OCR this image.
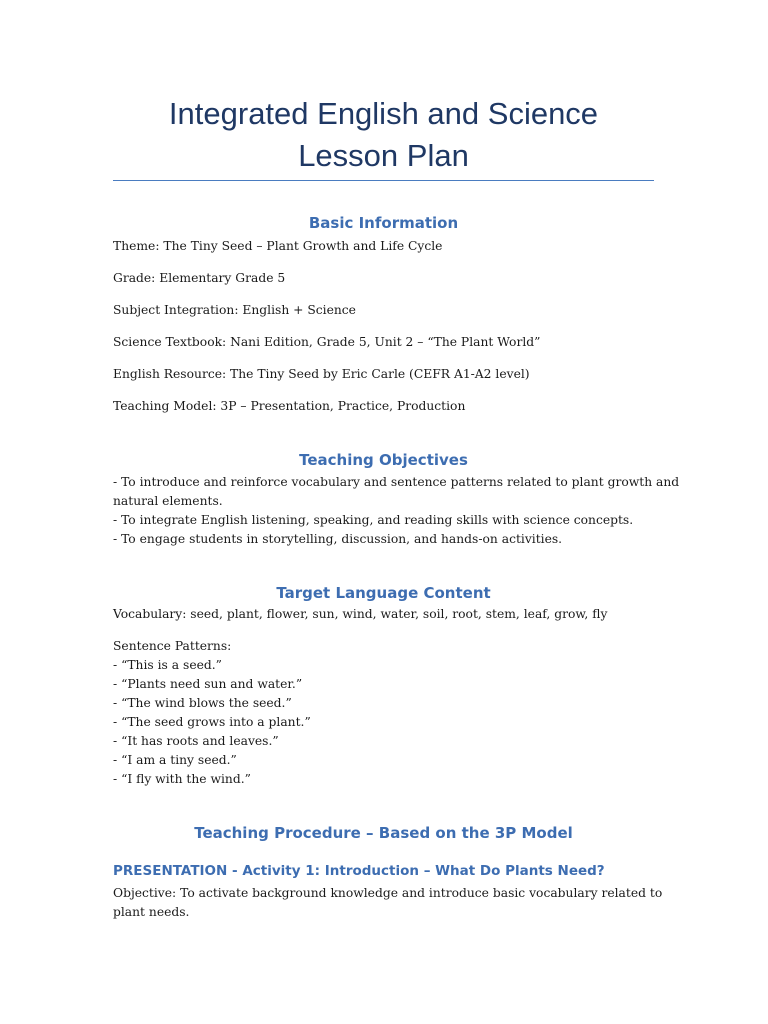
Integrated English and Science
Lesson Plan
Basic Information

Theme: The Tiny Seed – Plant Growth and Life Cycle

Grade: Elementary Grade 5

Subject Integration: English + Science

Science Textbook: Nani Edition, Grade 5, Unit 2 – “The Plant World”

English Resource: The Tiny Seed by Eric Carle (CEFR A1-A2 level)

Teaching Model: 3P – Presentation, Practice, Production

Teaching Objectives

- To introduce and reinforce vocabulary and sentence patterns related to plant growth and
natural elements.
- To integrate English listening, speaking, and reading skills with science concepts.
- To engage students in storytelling, discussion, and hands-on activities.

Target Language Content

Vocabulary: seed, plant, flower, sun, wind, water, soil, root, stem, leaf, grow, fly

Sentence Patterns:
- “This is a seed.”
- “Plants need sun and water.”
- “The wind blows the seed.”
- “The seed grows into a plant.”
- “It has roots and leaves.”
- “I am a tiny seed.”
- “I fly with the wind.”

Teaching Procedure – Based on the 3P Model
PRESENTATION - Activity 1: Introduction – What Do Plants Need?

Objective: To activate background knowledge and introduce basic vocabulary related to
plant needs.
